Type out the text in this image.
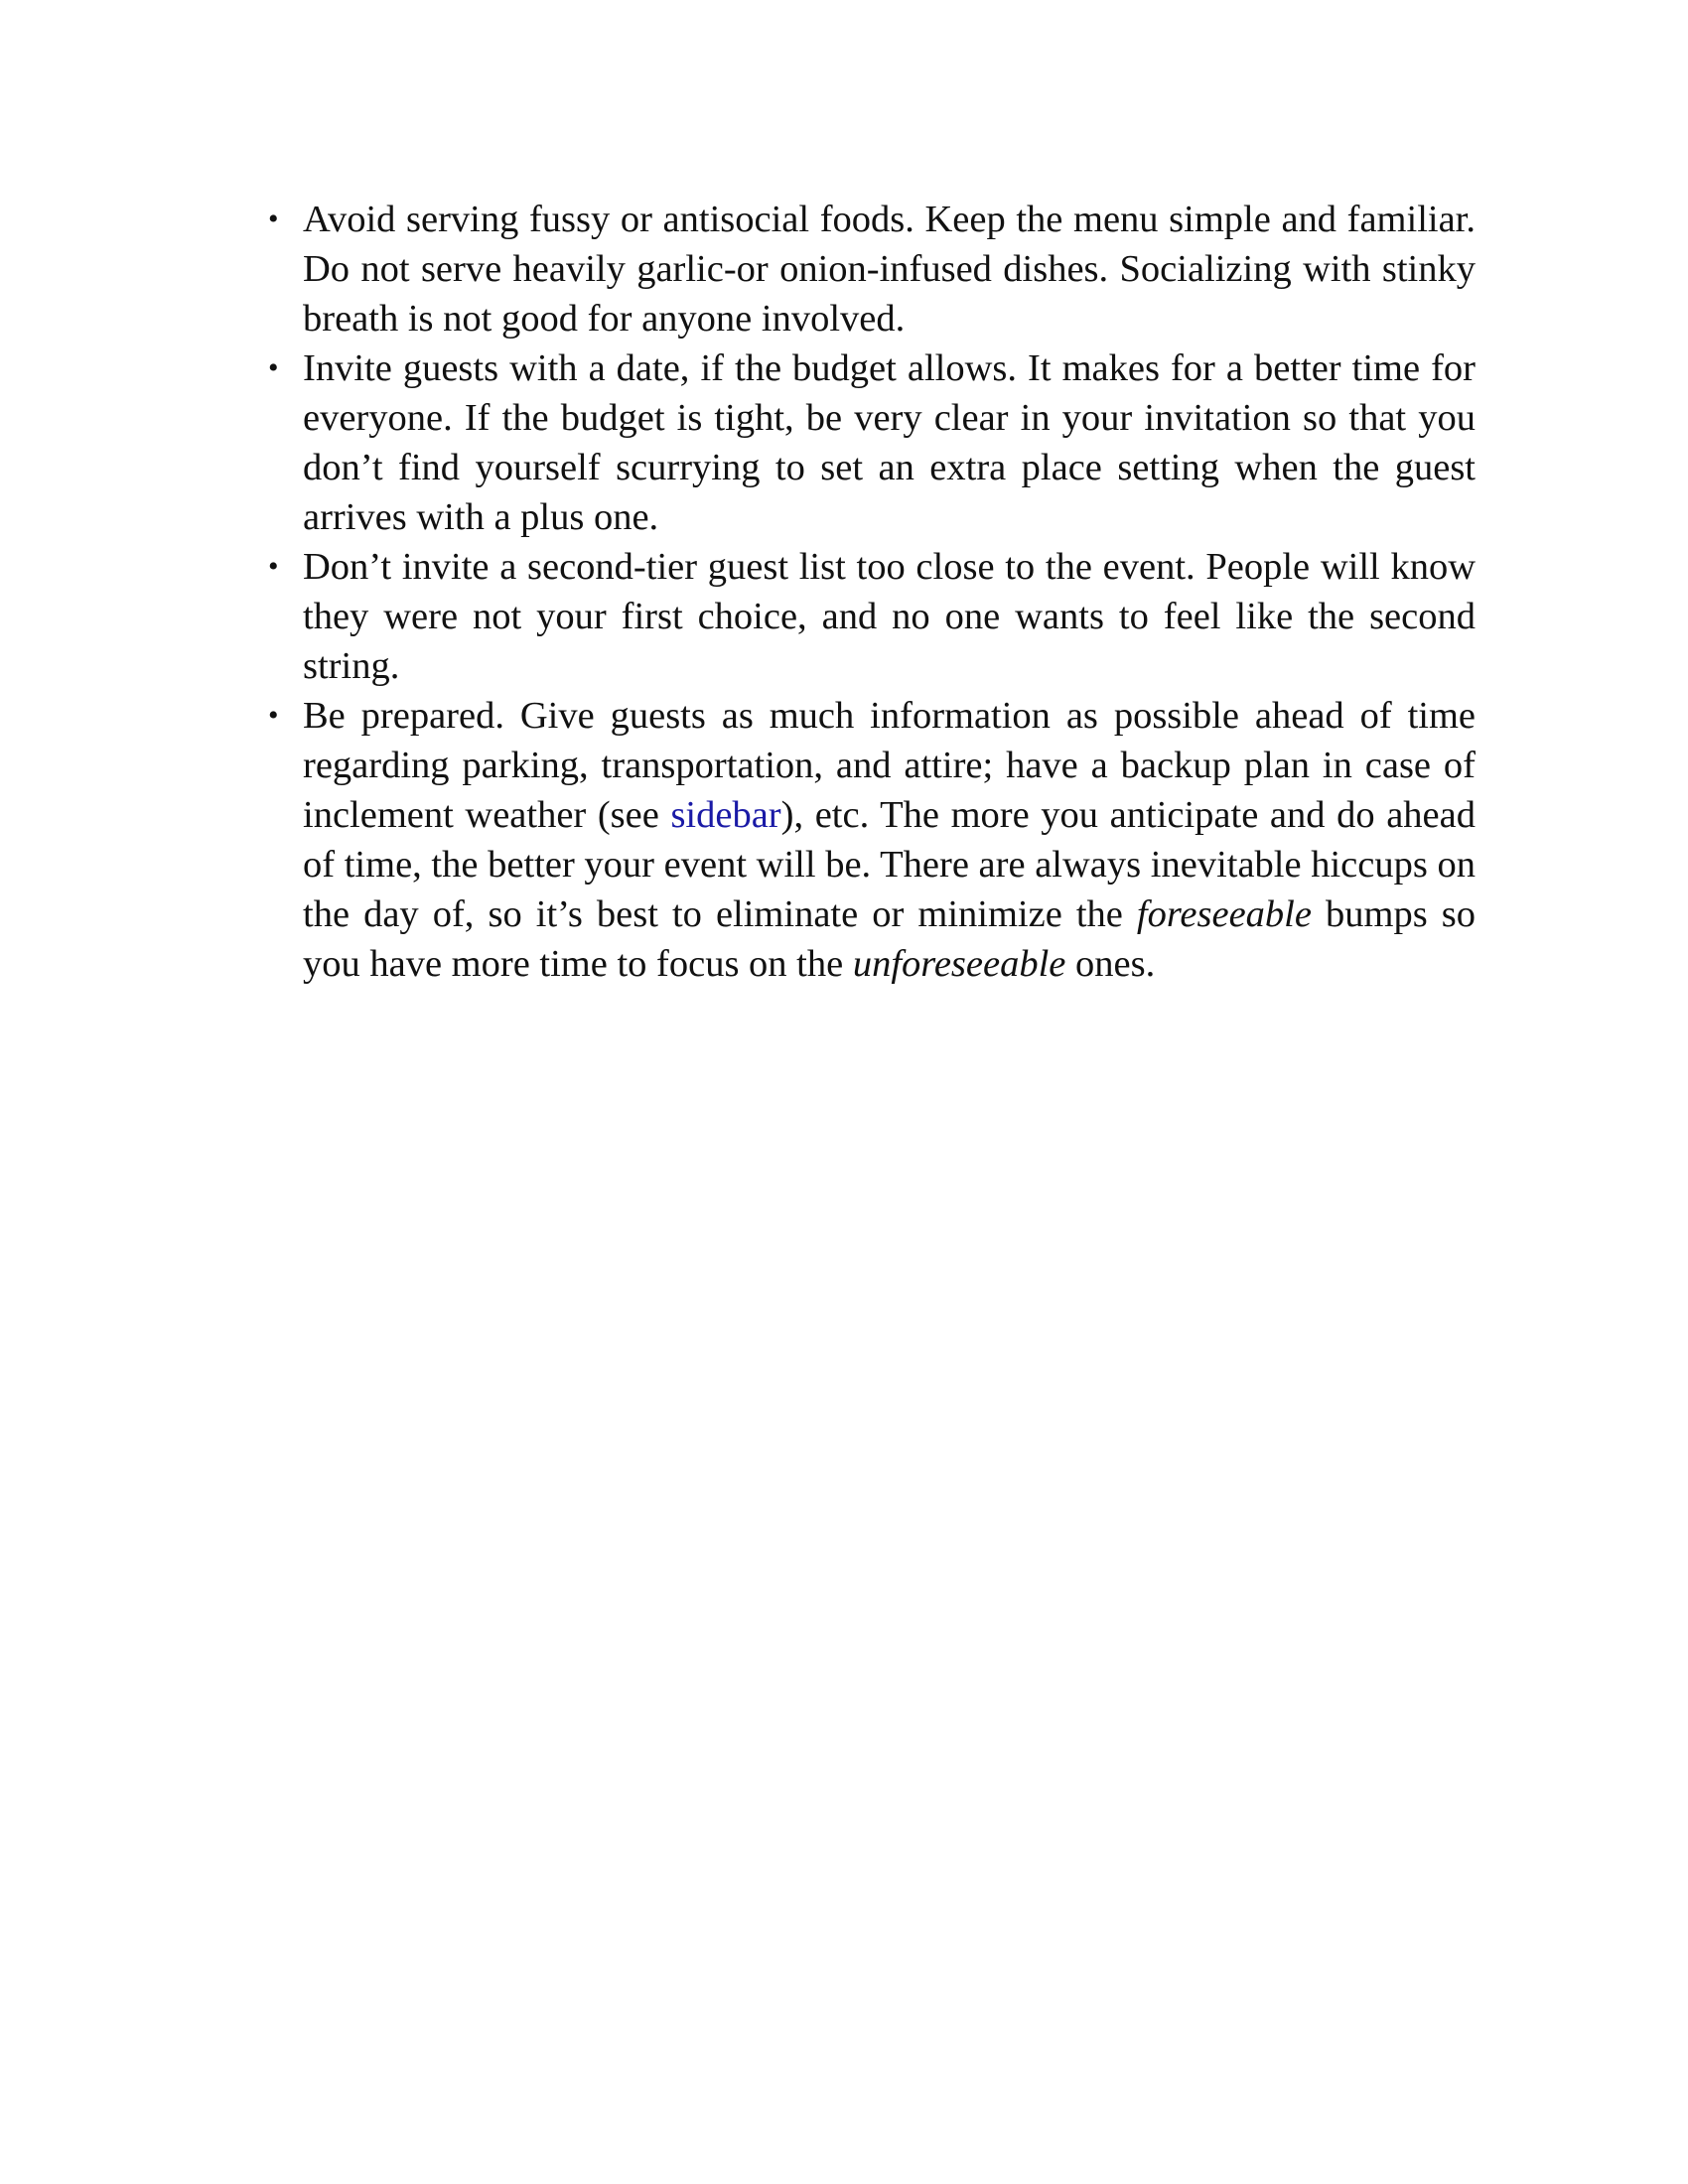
• Avoid serving fussy or antisocial foods. Keep the menu simple and familiar. Do not serve heavily garlic-or onion-infused dishes. Socializing with stinky breath is not good for anyone involved.
• Invite guests with a date, if the budget allows. It makes for a better time for everyone. If the budget is tight, be very clear in your invitation so that you don’t find yourself scurrying to set an extra place setting when the guest arrives with a plus one.
• Don’t invite a second-tier guest list too close to the event. People will know they were not your first choice, and no one wants to feel like the second string.
• Be prepared. Give guests as much information as possible ahead of time regarding parking, transportation, and attire; have a backup plan in case of inclement weather (see sidebar), etc. The more you anticipate and do ahead of time, the better your event will be. There are always inevitable hiccups on the day of, so it’s best to eliminate or minimize the foreseeable bumps so you have more time to focus on the unforeseeable ones.
